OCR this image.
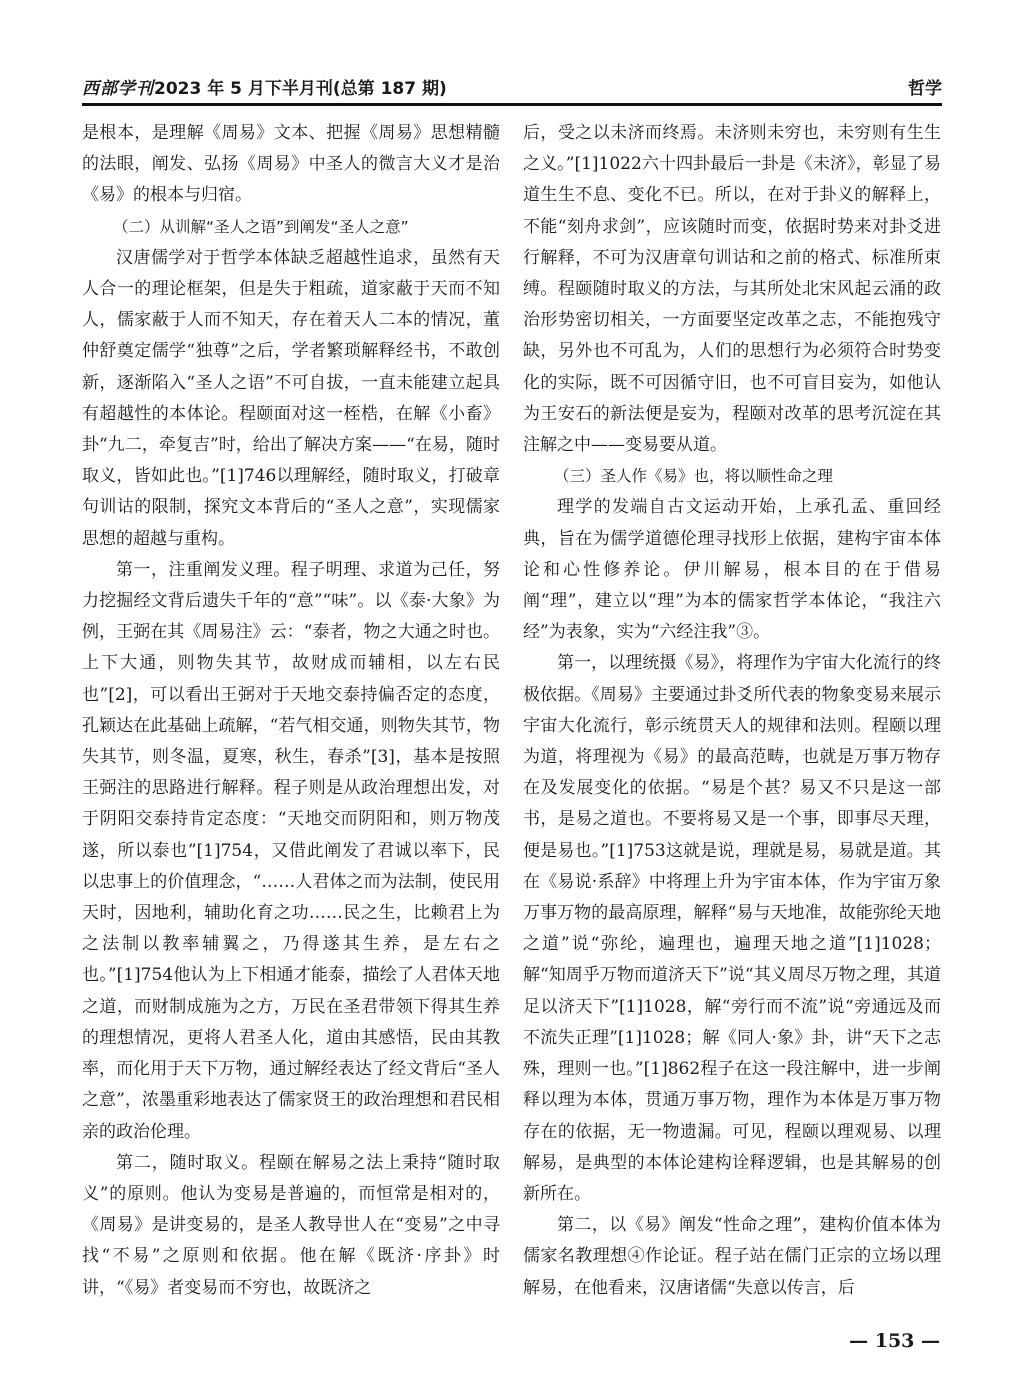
西部学刊2023 年 5 月下半月刊(总第 187 期)	哲学

是根本，是理解《周易》文本、把握《周易》思想精髓的法眼，阐发、弘扬《周易》中圣人的微言大义才是治《易》的根本与归宿。

（二）从训解“圣人之语”到阐发“圣人之意”

汉唐儒学对于哲学本体缺乏超越性追求，虽然有天人合一的理论框架，但是失于粗疏，道家蔽于天而不知人，儒家蔽于人而不知天，存在着天人二本的情况，董仲舒奠定儒学“独尊”之后，学者繁琐解释经书，不敢创新，逐渐陷入“圣人之语”不可自拔，一直未能建立起具有超越性的本体论。程颐面对这一桎梏，在解《小畜》卦“九二，牵复吉”时，给出了解决方案——“在易，随时取义，皆如此也。”[1]746以理解经，随时取义，打破章句训诂的限制，探究文本背后的“圣人之意”，实现儒家思想的超越与重构。

第一，注重阐发义理。程子明理、求道为己任，努力挖掘经文背后遗失千年的“意”“味”。以《泰·大象》为例，王弼在其《周易注》云：“泰者，物之大通之时也。上下大通，则物失其节，故财成而辅相，以左右民也”[2]，可以看出王弼对于天地交泰持偏否定的态度，孔颖达在此基础上疏解，“若气相交通，则物失其节，物失其节，则冬温，夏寒，秋生，春杀”[3]，基本是按照王弼注的思路进行解释。程子则是从政治理想出发，对于阴阳交泰持肯定态度：“天地交而阴阳和，则万物茂遂，所以泰也”[1]754，又借此阐发了君诚以率下，民以忠事上的价值理念，“……人君体之而为法制，使民用天时，因地利，辅助化育之功……民之生，比赖君上为之法制以教率辅翼之，乃得遂其生养，是左右之也。”[1]754他认为上下相通才能泰，描绘了人君体天地之道，而财制成施为之方，万民在圣君带领下得其生养的理想情况，更将人君圣人化，道由其感悟，民由其教率，而化用于天下万物，通过解经表达了经文背后“圣人之意”，浓墨重彩地表达了儒家贤王的政治理想和君民相亲的政治伦理。

第二，随时取义。程颐在解易之法上秉持“随时取义”的原则。他认为变易是普遍的，而恒常是相对的，《周易》是讲变易的，是圣人教导世人在“变易”之中寻找“不易”之原则和依据。他在解《既济·序卦》时讲，“《易》者变易而不穷也，故既济之

后，受之以未济而终焉。未济则未穷也，未穷则有生生之义。”[1]1022六十四卦最后一卦是《未济》，彰显了易道生生不息、变化不已。所以，在对于卦义的解释上，不能“刻舟求剑”，应该随时而变，依据时势来对卦爻进行解释，不可为汉唐章句训诂和之前的格式、标准所束缚。程颐随时取义的方法，与其所处北宋风起云涌的政治形势密切相关，一方面要坚定改革之志，不能抱残守缺，另外也不可乱为，人们的思想行为必须符合时势变化的实际，既不可因循守旧，也不可盲目妄为，如他认为王安石的新法便是妄为，程颐对改革的思考沉淀在其注解之中——变易要从道。

（三）圣人作《易》也，将以顺性命之理

理学的发端自古文运动开始，上承孔孟、重回经典，旨在为儒学道德伦理寻找形上依据，建构宇宙本体论和心性修养论。伊川解易，根本目的在于借易阐“理”，建立以“理”为本的儒家哲学本体论，“我注六经”为表象，实为“六经注我”③。

第一，以理统摄《易》，将理作为宇宙大化流行的终极依据。《周易》主要通过卦爻所代表的物象变易来展示宇宙大化流行，彰示统贯天人的规律和法则。程颐以理为道，将理视为《易》的最高范畴，也就是万事万物存在及发展变化的依据。“易是个甚？易又不只是这一部书，是易之道也。不要将易又是一个事，即事尽天理，便是易也。”[1]753这就是说，理就是易，易就是道。其在《易说·系辞》中将理上升为宇宙本体，作为宇宙万象万事万物的最高原理，解释“易与天地准，故能弥纶天地之道”说“弥纶，遍理也，遍理天地之道”[1]1028；解“知周乎万物而道济天下”说“其义周尽万物之理，其道足以济天下”[1]1028，解“旁行而不流”说“旁通远及而不流失正理”[1]1028；解《同人·象》卦，讲“天下之志殊，理则一也。”[1]862程子在这一段注解中，进一步阐释以理为本体，贯通万事万物，理作为本体是万事万物存在的依据，无一物遗漏。可见，程颐以理观易、以理解易，是典型的本体论建构诠释逻辑，也是其解易的创新所在。

第二，以《易》阐发“性命之理”，建构价值本体为儒家名教理想④作论证。程子站在儒门正宗的立场以理解易，在他看来，汉唐诸儒“失意以传言，后

— 153 —
